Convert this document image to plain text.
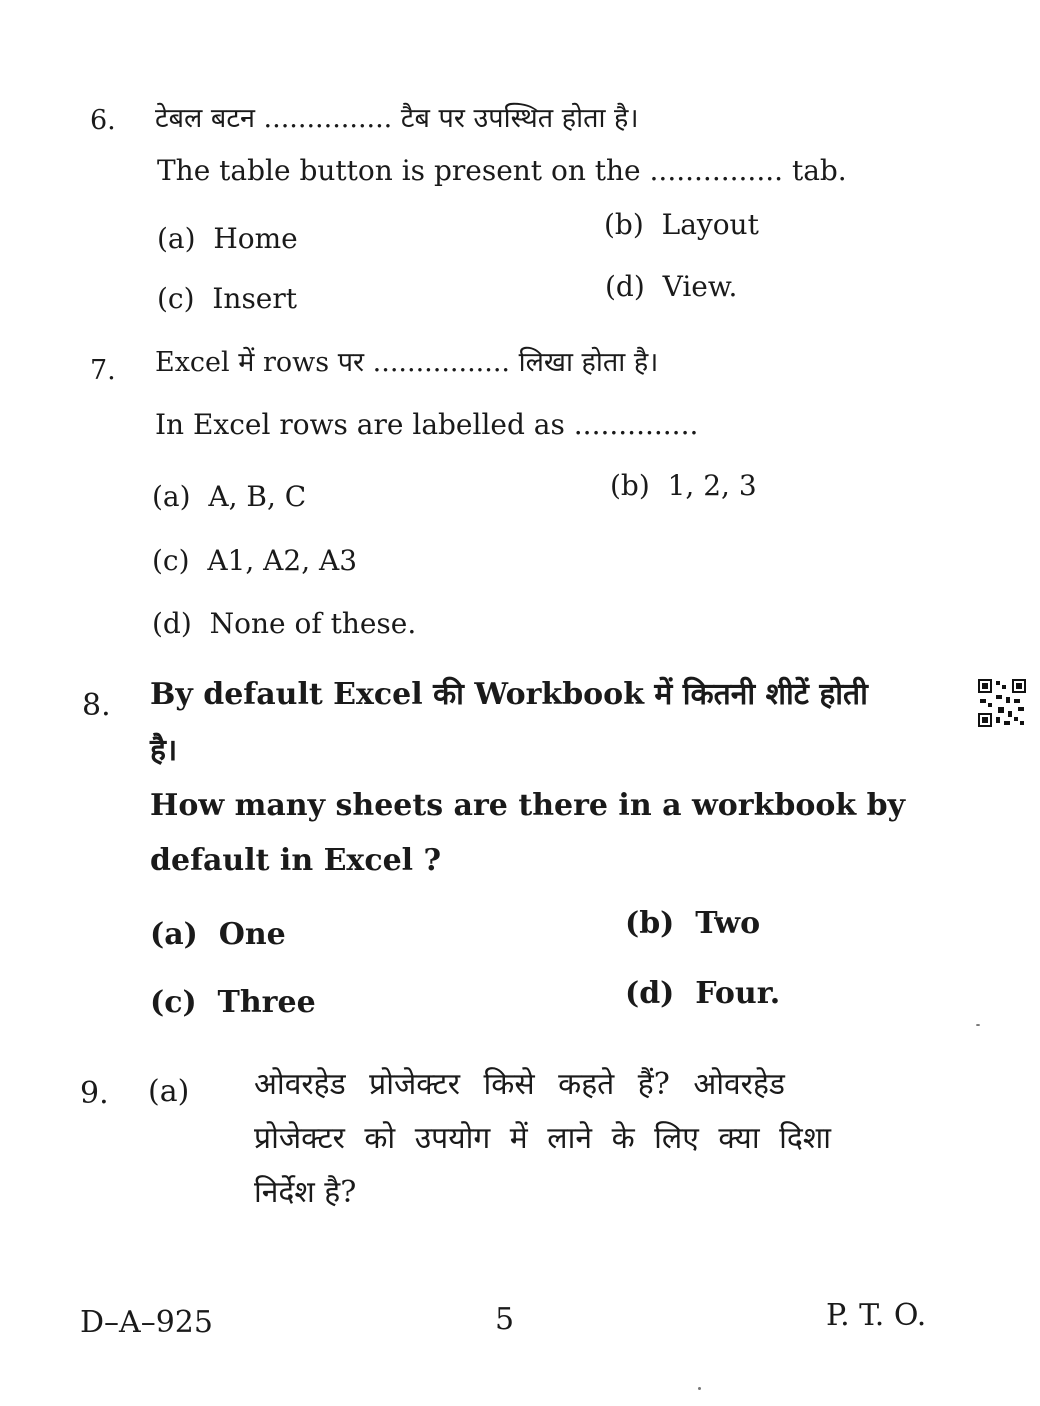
6. टेबल बटन ............... टैब पर उपस्थित होता है।
The table button is present on the ............... tab.
(a) Home	(b) Layout
(c) Insert	(d) View.
7. Excel में rows पर ................ लिखा होता है।
In Excel rows are labelled as ..............
(a) A, B, C	(b) 1, 2, 3
(c) A1, A2, A3
(d) None of these.
8. By default Excel की Workbook में कितनी शीटें होती
है।
How many sheets are there in a workbook by
default in Excel ?
(a) One	(b) Two
(c) Three	(d) Four.
9. (a) ओवरहेड प्रोजेक्टर किसे कहते हैं? ओवरहेड
प्रोजेक्टर को उपयोग में लाने के लिए क्या दिशा
निर्देश है?
D–A–925	5	P. T. O.
